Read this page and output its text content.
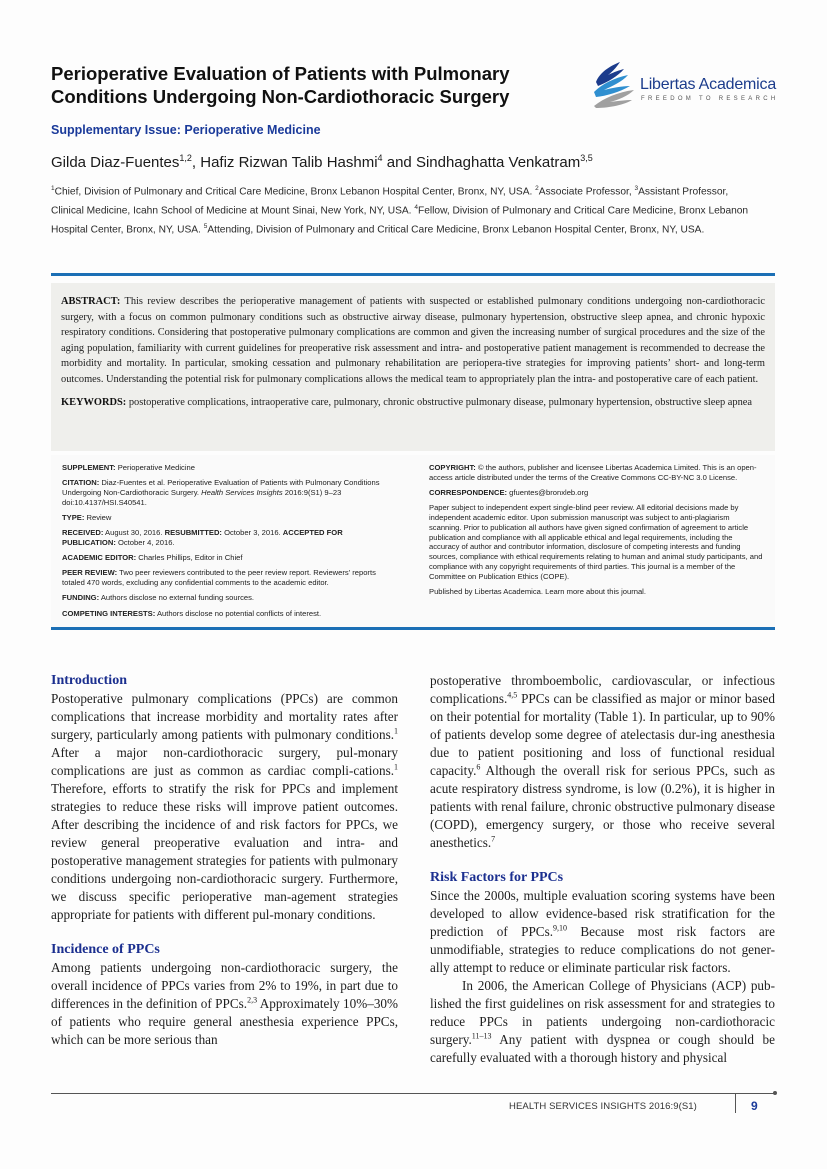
Perioperative Evaluation of Patients with Pulmonary
Conditions Undergoing Non-Cardiothoracic Surgery
Libertas Academica
FREEDOM TO RESEARCH
Supplementary Issue: Perioperative Medicine
Gilda Diaz-Fuentes$^{1,2}$, Hafiz Rizwan Talib Hashmi$^4$ and Sindhaghatta Venkatram$^{3,5}$
$^1$Chief, Division of Pulmonary and Critical Care Medicine, Bronx Lebanon Hospital Center, Bronx, NY, USA. $^2$Associate Professor, $^3$Assistant Professor, Clinical Medicine, Icahn School of Medicine at Mount Sinai, New York, NY, USA. $^4$Fellow, Division of Pulmonary and Critical Care Medicine, Bronx Lebanon Hospital Center, Bronx, NY, USA. $^5$Attending, Division of Pulmonary and Critical Care Medicine, Bronx Lebanon Hospital Center, Bronx, NY, USA.

ABSTRACT: This review describes the perioperative management of patients with suspected or established pulmonary conditions undergoing non-cardiothoracic surgery, with a focus on common pulmonary conditions such as obstructive airway disease, pulmonary hypertension, obstructive sleep apnea, and chronic hypoxic respiratory conditions. Considering that postoperative pulmonary complications are common and given the increasing number of surgical procedures and the size of the aging population, familiarity with current guidelines for preoperative risk assessment and intra- and postoperative patient management is recommended to decrease the morbidity and mortality. In particular, smoking cessation and pulmonary rehabilitation are periopera-tive strategies for improving patients’ short- and long-term outcomes. Understanding the potential risk for pulmonary complications allows the medical team to appropriately plan the intra- and postoperative care of each patient.

KEYWORDS: postoperative complications, intraoperative care, pulmonary, chronic obstructive pulmonary disease, pulmonary hypertension, obstructive sleep apnea

SUPPLEMENT: Perioperative Medicine

CITATION: Diaz-Fuentes et al. Perioperative Evaluation of Patients with Pulmonary Conditions Undergoing Non-Cardiothoracic Surgery. Health Services Insights 2016:9(S1) 9–23 doi:10.4137/HSI.S40541.

TYPE: Review

RECEIVED: August 30, 2016. RESUBMITTED: October 3, 2016. ACCEPTED FOR PUBLICATION: October 4, 2016.

ACADEMIC EDITOR: Charles Phillips, Editor in Chief

PEER REVIEW: Two peer reviewers contributed to the peer review report. Reviewers’ reports totaled 470 words, excluding any confidential comments to the academic editor.

FUNDING: Authors disclose no external funding sources.

COMPETING INTERESTS: Authors disclose no potential conflicts of interest.

COPYRIGHT: © the authors, publisher and licensee Libertas Academica Limited. This is an open-access article distributed under the terms of the Creative Commons CC-BY-NC 3.0 License.

CORRESPONDENCE: gfuentes@bronxleb.org

Paper subject to independent expert single-blind peer review. All editorial decisions made by independent academic editor. Upon submission manuscript was subject to anti-plagiarism scanning. Prior to publication all authors have given signed confirmation of agreement to article publication and compliance with all applicable ethical and legal requirements, including the accuracy of author and contributor information, disclosure of competing interests and funding sources, compliance with ethical requirements relating to human and animal study participants, and compliance with any copyright requirements of third parties. This journal is a member of the Committee on Publication Ethics (COPE).

Published by Libertas Academica. Learn more about this journal.

Introduction

Postoperative pulmonary complications (PPCs) are common complications that increase morbidity and mortality rates after surgery, particularly among patients with pulmonary conditions.$^1$ After a major non-cardiothoracic surgery, pul-monary complications are just as common as cardiac compli-cations.$^1$ Therefore, efforts to stratify the risk for PPCs and implement strategies to reduce these risks will improve patient outcomes. After describing the incidence of and risk factors for PPCs, we review general preoperative evaluation and intra- and postoperative management strategies for patients with pulmonary conditions undergoing non-cardiothoracic surgery. Furthermore, we discuss specific perioperative man-agement strategies appropriate for patients with different pul-monary conditions.

Incidence of PPCs

Among patients undergoing non-cardiothoracic surgery, the overall incidence of PPCs varies from 2% to 19%, in part due to differences in the definition of PPCs.$^{2,3}$ Approximately 10%–30% of patients who require general anesthesia experience PPCs, which can be more serious than

postoperative thromboembolic, cardiovascular, or infectious complications.$^{4,5}$ PPCs can be classified as major or minor based on their potential for mortality (Table 1). In particular, up to 90% of patients develop some degree of atelectasis dur-ing anesthesia due to patient positioning and loss of functional residual capacity.$^6$ Although the overall risk for serious PPCs, such as acute respiratory distress syndrome, is low (0.2%), it is higher in patients with renal failure, chronic obstructive pulmonary disease (COPD), emergency surgery, or those who receive several anesthetics.$^7$

Risk Factors for PPCs

Since the 2000s, multiple evaluation scoring systems have been developed to allow evidence-based risk stratification for the prediction of PPCs.$^{9,10}$ Because most risk factors are unmodifiable, strategies to reduce complications do not gener-ally attempt to reduce or eliminate particular risk factors.

In 2006, the American College of Physicians (ACP) pub-lished the first guidelines on risk assessment for and strategies to reduce PPCs in patients undergoing non-cardiothoracic surgery.$^{11-13}$ Any patient with dyspnea or cough should be carefully evaluated with a thorough history and physical

HEALTH SERVICES INSIGHTS 2016:9(S1)	9
